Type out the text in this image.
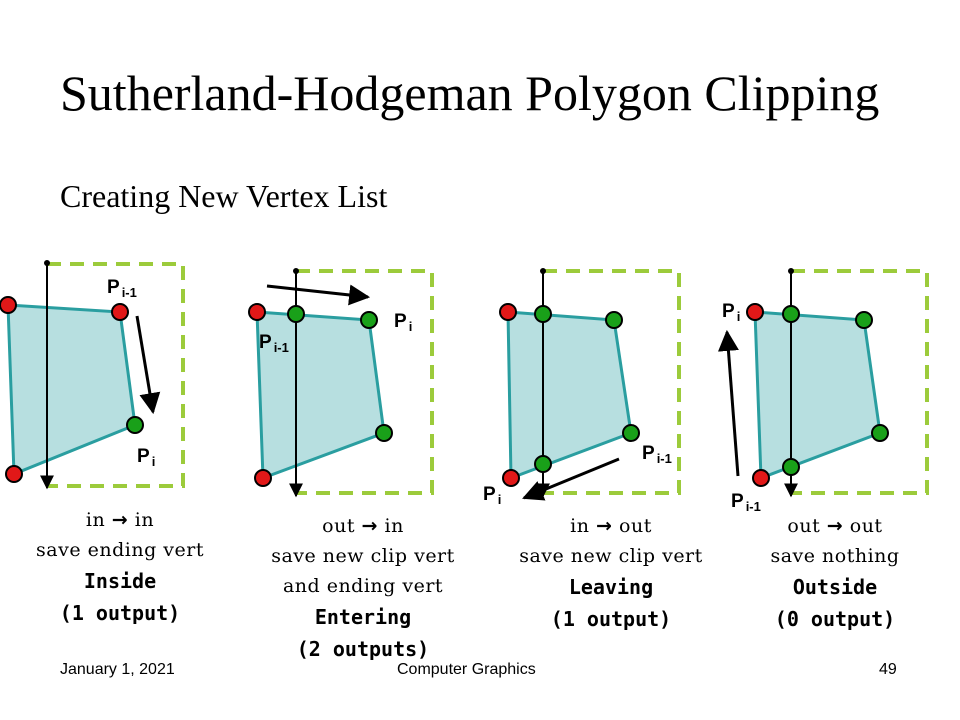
Sutherland-Hodgeman Polygon Clipping
Creating New Vertex List
P $_{i-1}$
P $_i$
P $_i$
P $_{i-1}$
P $_{i-1}$
P $_i$
P $_i$
P $_{i-1}$
in → in
save ending vert
Inside
(1 output)
out → in
save new clip vert
and ending vert
Entering
(2 outputs)
in → out
save new clip vert
Leaving
(1 output)
out → out
save nothing
Outside
(0 output)
January 1, 2021	Computer Graphics	49
